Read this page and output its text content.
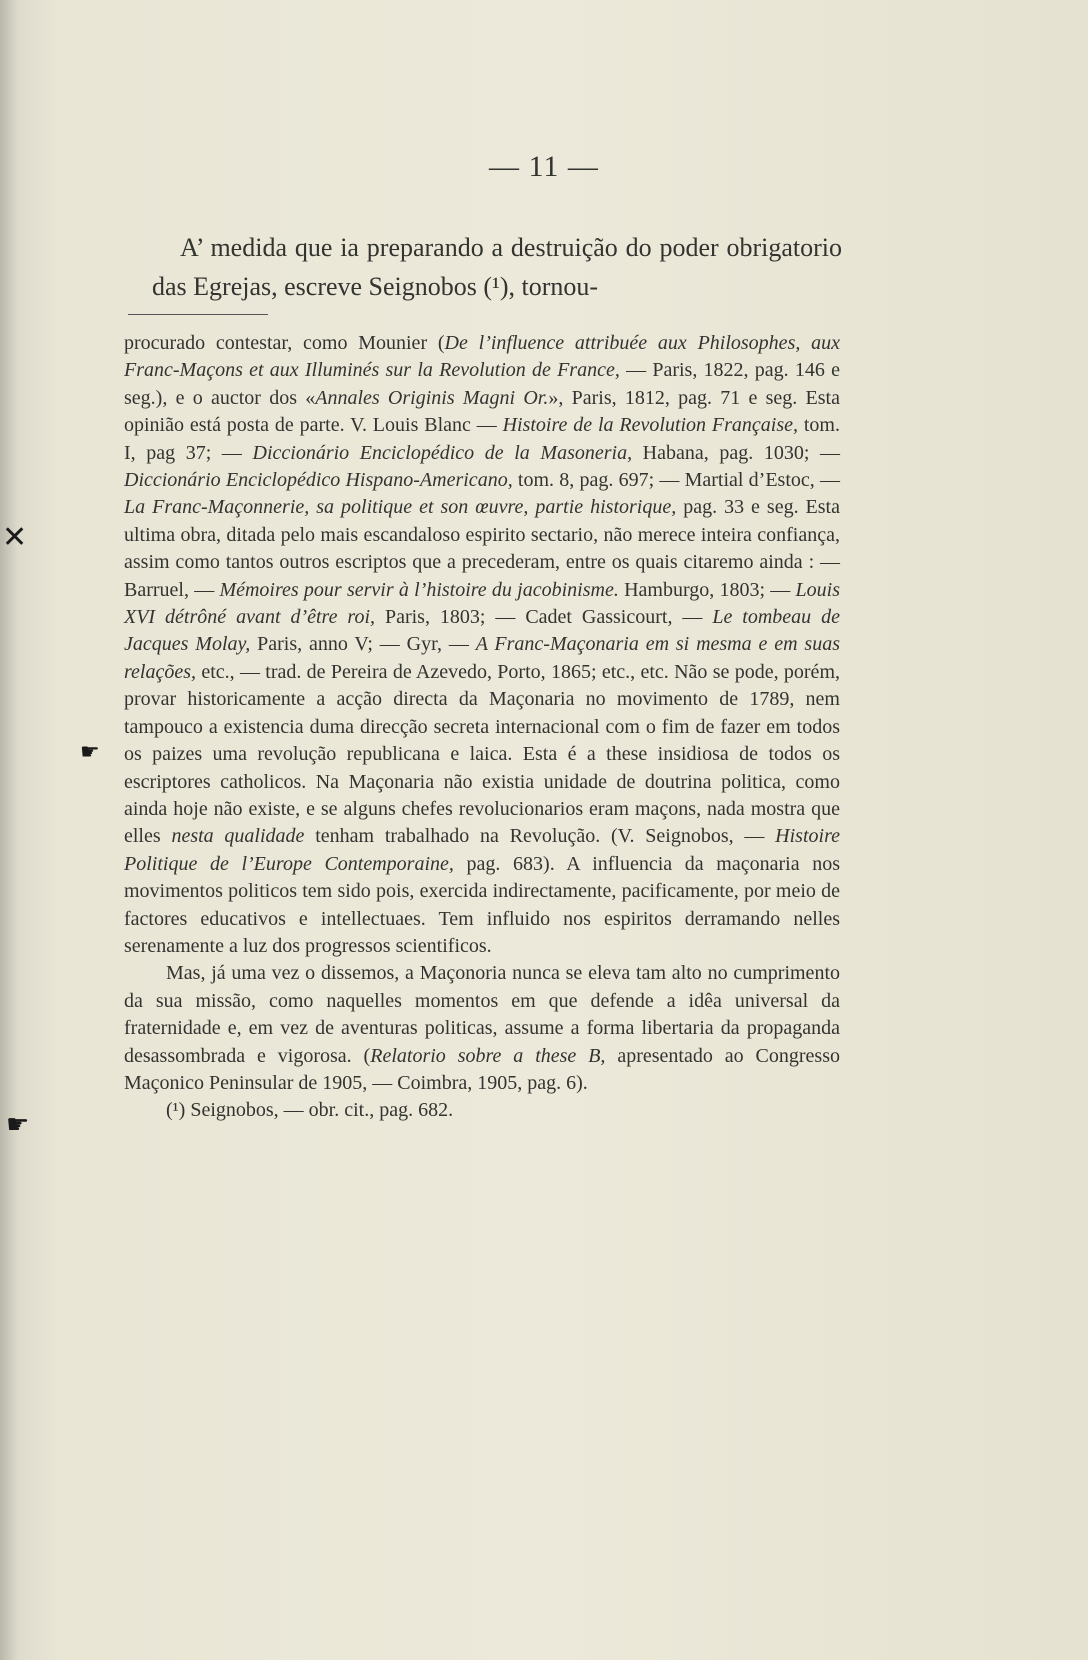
— 11 —

A’ medida que ia preparando a destruição do poder obrigatorio das Egrejas, escreve Seignobos (¹), tornou-

procurado contestar, como Mounier (De l’influence attribuée aux Philosophes, aux Franc-Maçons et aux Illuminés sur la Revolution de France, — Paris, 1822, pag. 146 e seg.), e o auctor dos «Annales Originis Magni Or.», Paris, 1812, pag. 71 e seg. Esta opinião está posta de parte. V. Louis Blanc — Histoire de la Revolution Française, tom. I, pag 37; — Diccionário Enciclopédico de la Masoneria, Habana, pag. 1030; — Diccionário Enciclopédico Hispano-Americano, tom. 8, pag. 697; — Martial d’Estoc, — La Franc-Maçonnerie, sa politique et son œuvre, partie historique, pag. 33 e seg. Esta ultima obra, ditada pelo mais escandaloso espirito sectario, não merece inteira confiança, assim como tantos outros escriptos que a precederam, entre os quais citaremo ainda : — Barruel, — Mémoires pour servir à l’histoire du jacobinisme. Hamburgo, 1803; — Louis XVI détrôné avant d’être roi, Paris, 1803; — Cadet Gassicourt, — Le tombeau de Jacques Molay, Paris, anno V; — Gyr, — A Franc-Maçonaria em si mesma e em suas relações, etc., — trad. de Pereira de Azevedo, Porto, 1865; etc., etc. Não se pode, porém, provar historicamente a acção directa da Maçonaria no movimento de 1789, nem tampouco a existencia duma direcção secreta internacional com o fim de fazer em todos os paizes uma revolução republicana e laica. Esta é a these insidiosa de todos os escriptores catholicos. Na Maçonaria não existia unidade de doutrina politica, como ainda hoje não existe, e se alguns chefes revolucionarios eram maçons, nada mostra que elles nesta qualidade tenham trabalhado na Revolução. (V. Seignobos, — Histoire Politique de l’Europe Contemporaine, pag. 683). A influencia da maçonaria nos movimentos politicos tem sido pois, exercida indirectamente, pacificamente, por meio de factores educativos e intellectuaes. Tem influido nos espiritos derramando nelles serenamente a luz dos progressos scientificos.

Mas, já uma vez o dissemos, a Maçonoria nunca se eleva tam alto no cumprimento da sua missão, como naquelles momentos em que defende a idêa universal da fraternidade e, em vez de aventuras politicas, assume a forma libertaria da propaganda desassombrada e vigorosa. (Relatorio sobre a these B, apresentado ao Congresso Maçonico Peninsular de 1905, — Coimbra, 1905, pag. 6).

(¹) Seignobos, — obr. cit., pag. 682.

✕
☛
☛
